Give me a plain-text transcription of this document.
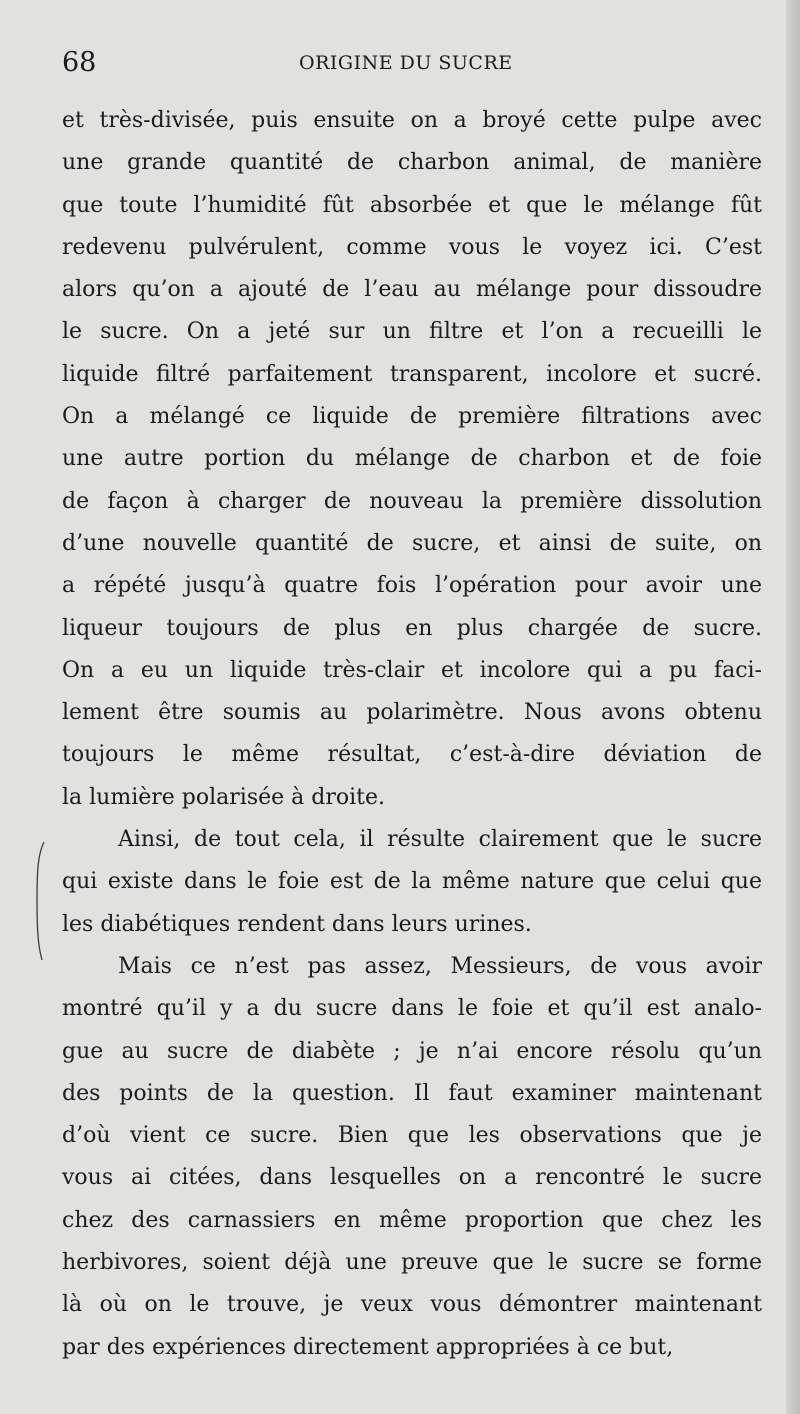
68	ORIGINE DU SUCRE
et très-divisée, puis ensuite on a broyé cette pulpe avec
une grande quantité de charbon animal, de manière
que toute l’humidité fût absorbée et que le mélange fût
redevenu pulvérulent, comme vous le voyez ici. C’est
alors qu’on a ajouté de l’eau au mélange pour dissoudre
le sucre. On a jeté sur un filtre et l’on a recueilli le
liquide filtré parfaitement transparent, incolore et sucré.
On a mélangé ce liquide de première filtrations avec
une autre portion du mélange de charbon et de foie
de façon à charger de nouveau la première dissolution
d’une nouvelle quantité de sucre, et ainsi de suite, on
a répété jusqu’à quatre fois l’opération pour avoir une
liqueur toujours de plus en plus chargée de sucre.
On a eu un liquide très-clair et incolore qui a pu faci-
lement être soumis au polarimètre. Nous avons obtenu
toujours le même résultat, c’est-à-dire déviation de
la lumière polarisée à droite.
Ainsi, de tout cela, il résulte clairement que le sucre
qui existe dans le foie est de la même nature que celui que
les diabétiques rendent dans leurs urines.
Mais ce n’est pas assez, Messieurs, de vous avoir
montré qu’il y a du sucre dans le foie et qu’il est analo-
gue au sucre de diabète ; je n’ai encore résolu qu’un
des points de la question. Il faut examiner maintenant
d’où vient ce sucre. Bien que les observations que je
vous ai citées, dans lesquelles on a rencontré le sucre
chez des carnassiers en même proportion que chez les
herbivores, soient déjà une preuve que le sucre se forme
là où on le trouve, je veux vous démontrer maintenant
par des expériences directement appropriées à ce but,
